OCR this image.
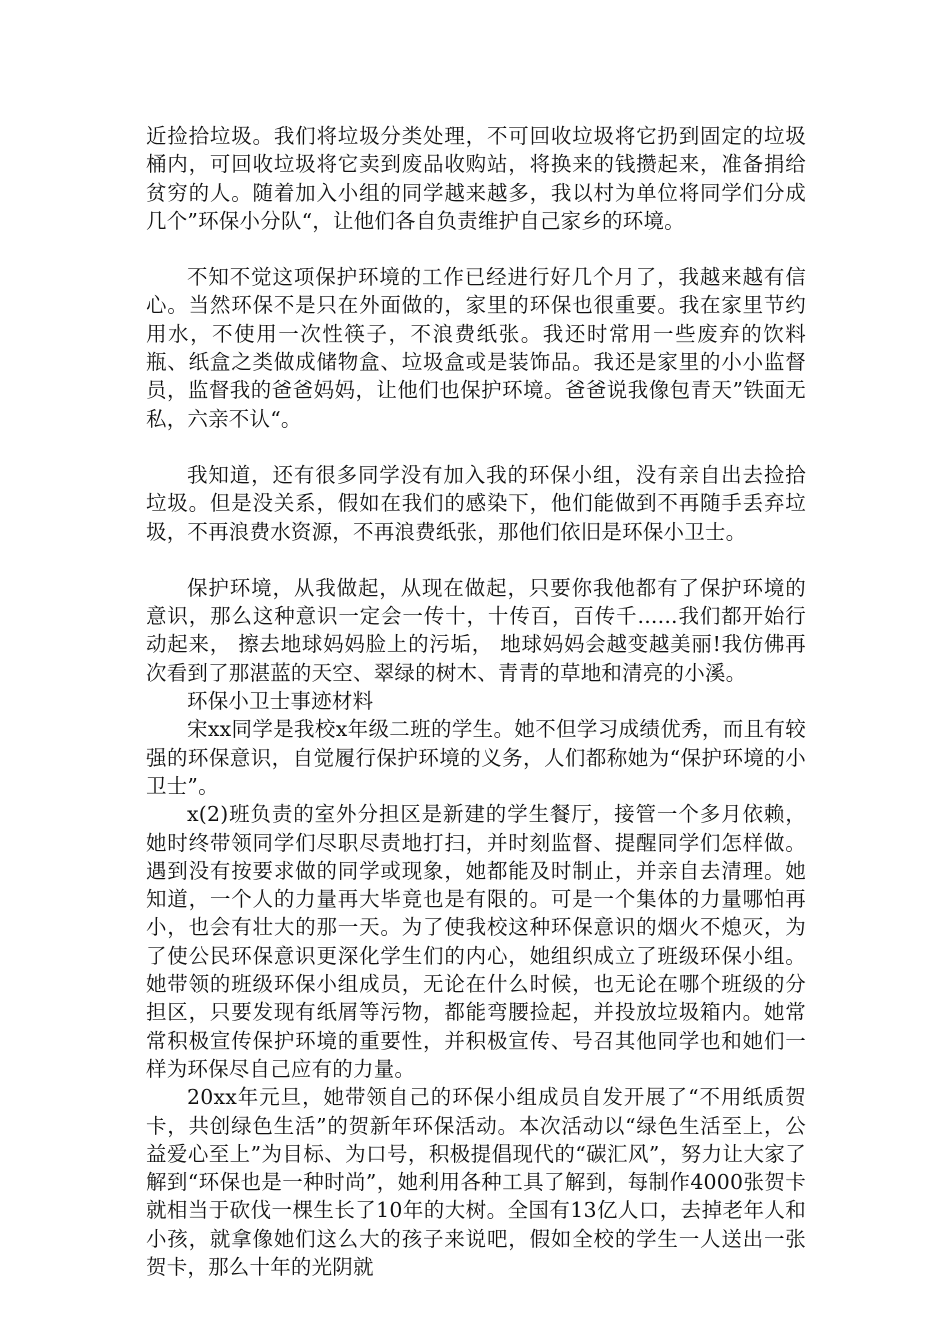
近捡拾垃圾。我们将垃圾分类处理，不可回收垃圾将它扔到固定的垃圾桶内，可回收垃圾将它卖到废品收购站，将换来的钱攒起来，准备捐给贫穷的人。随着加入小组的同学越来越多，我以村为单位将同学们分成几个”环保小分队“，让他们各自负责维护自己家乡的环境。

不知不觉这项保护环境的工作已经进行好几个月了，我越来越有信心。当然环保不是只在外面做的，家里的环保也很重要。我在家里节约用水，不使用一次性筷子，不浪费纸张。我还时常用一些废弃的饮料瓶、纸盒之类做成储物盒、垃圾盒或是装饰品。我还是家里的小小监督员，监督我的爸爸妈妈，让他们也保护环境。爸爸说我像包青天”铁面无私，六亲不认“。

我知道，还有很多同学没有加入我的环保小组，没有亲自出去捡拾垃圾。但是没关系，假如在我们的感染下，他们能做到不再随手丢弃垃圾，不再浪费水资源，不再浪费纸张，那他们依旧是环保小卫士。

保护环境，从我做起，从现在做起，只要你我他都有了保护环境的意识，那么这种意识一定会一传十，十传百，百传千......我们都开始行动起来， 擦去地球妈妈脸上的污垢， 地球妈妈会越变越美丽!我仿佛再次看到了那湛蓝的天空、翠绿的树木、青青的草地和清亮的小溪。

环保小卫士事迹材料

宋xx同学是我校x年级二班的学生。她不但学习成绩优秀，而且有较强的环保意识，自觉履行保护环境的义务，人们都称她为“保护环境的小卫士”。

x(2)班负责的室外分担区是新建的学生餐厅，接管一个多月依赖，她时终带领同学们尽职尽责地打扫，并时刻监督、提醒同学们怎样做。遇到没有按要求做的同学或现象，她都能及时制止，并亲自去清理。她知道，一个人的力量再大毕竟也是有限的。可是一个集体的力量哪怕再小，也会有壮大的那一天。为了使我校这种环保意识的烟火不熄灭，为了使公民环保意识更深化学生们的内心，她组织成立了班级环保小组。她带领的班级环保小组成员，无论在什么时候，也无论在哪个班级的分担区，只要发现有纸屑等污物，都能弯腰捡起，并投放垃圾箱内。她常常积极宣传保护环境的重要性，并积极宣传、号召其他同学也和她们一样为环保尽自己应有的力量。

20xx年元旦，她带领自己的环保小组成员自发开展了“不用纸质贺卡，共创绿色生活”的贺新年环保活动。本次活动以“绿色生活至上，公益爱心至上”为目标、为口号，积极提倡现代的“碳汇风”，努力让大家了解到“环保也是一种时尚”，她利用各种工具了解到，每制作4000张贺卡就相当于砍伐一棵生长了10年的大树。全国有13亿人口，去掉老年人和小孩，就拿像她们这么大的孩子来说吧，假如全校的学生一人送出一张贺卡，那么十年的光阴就
